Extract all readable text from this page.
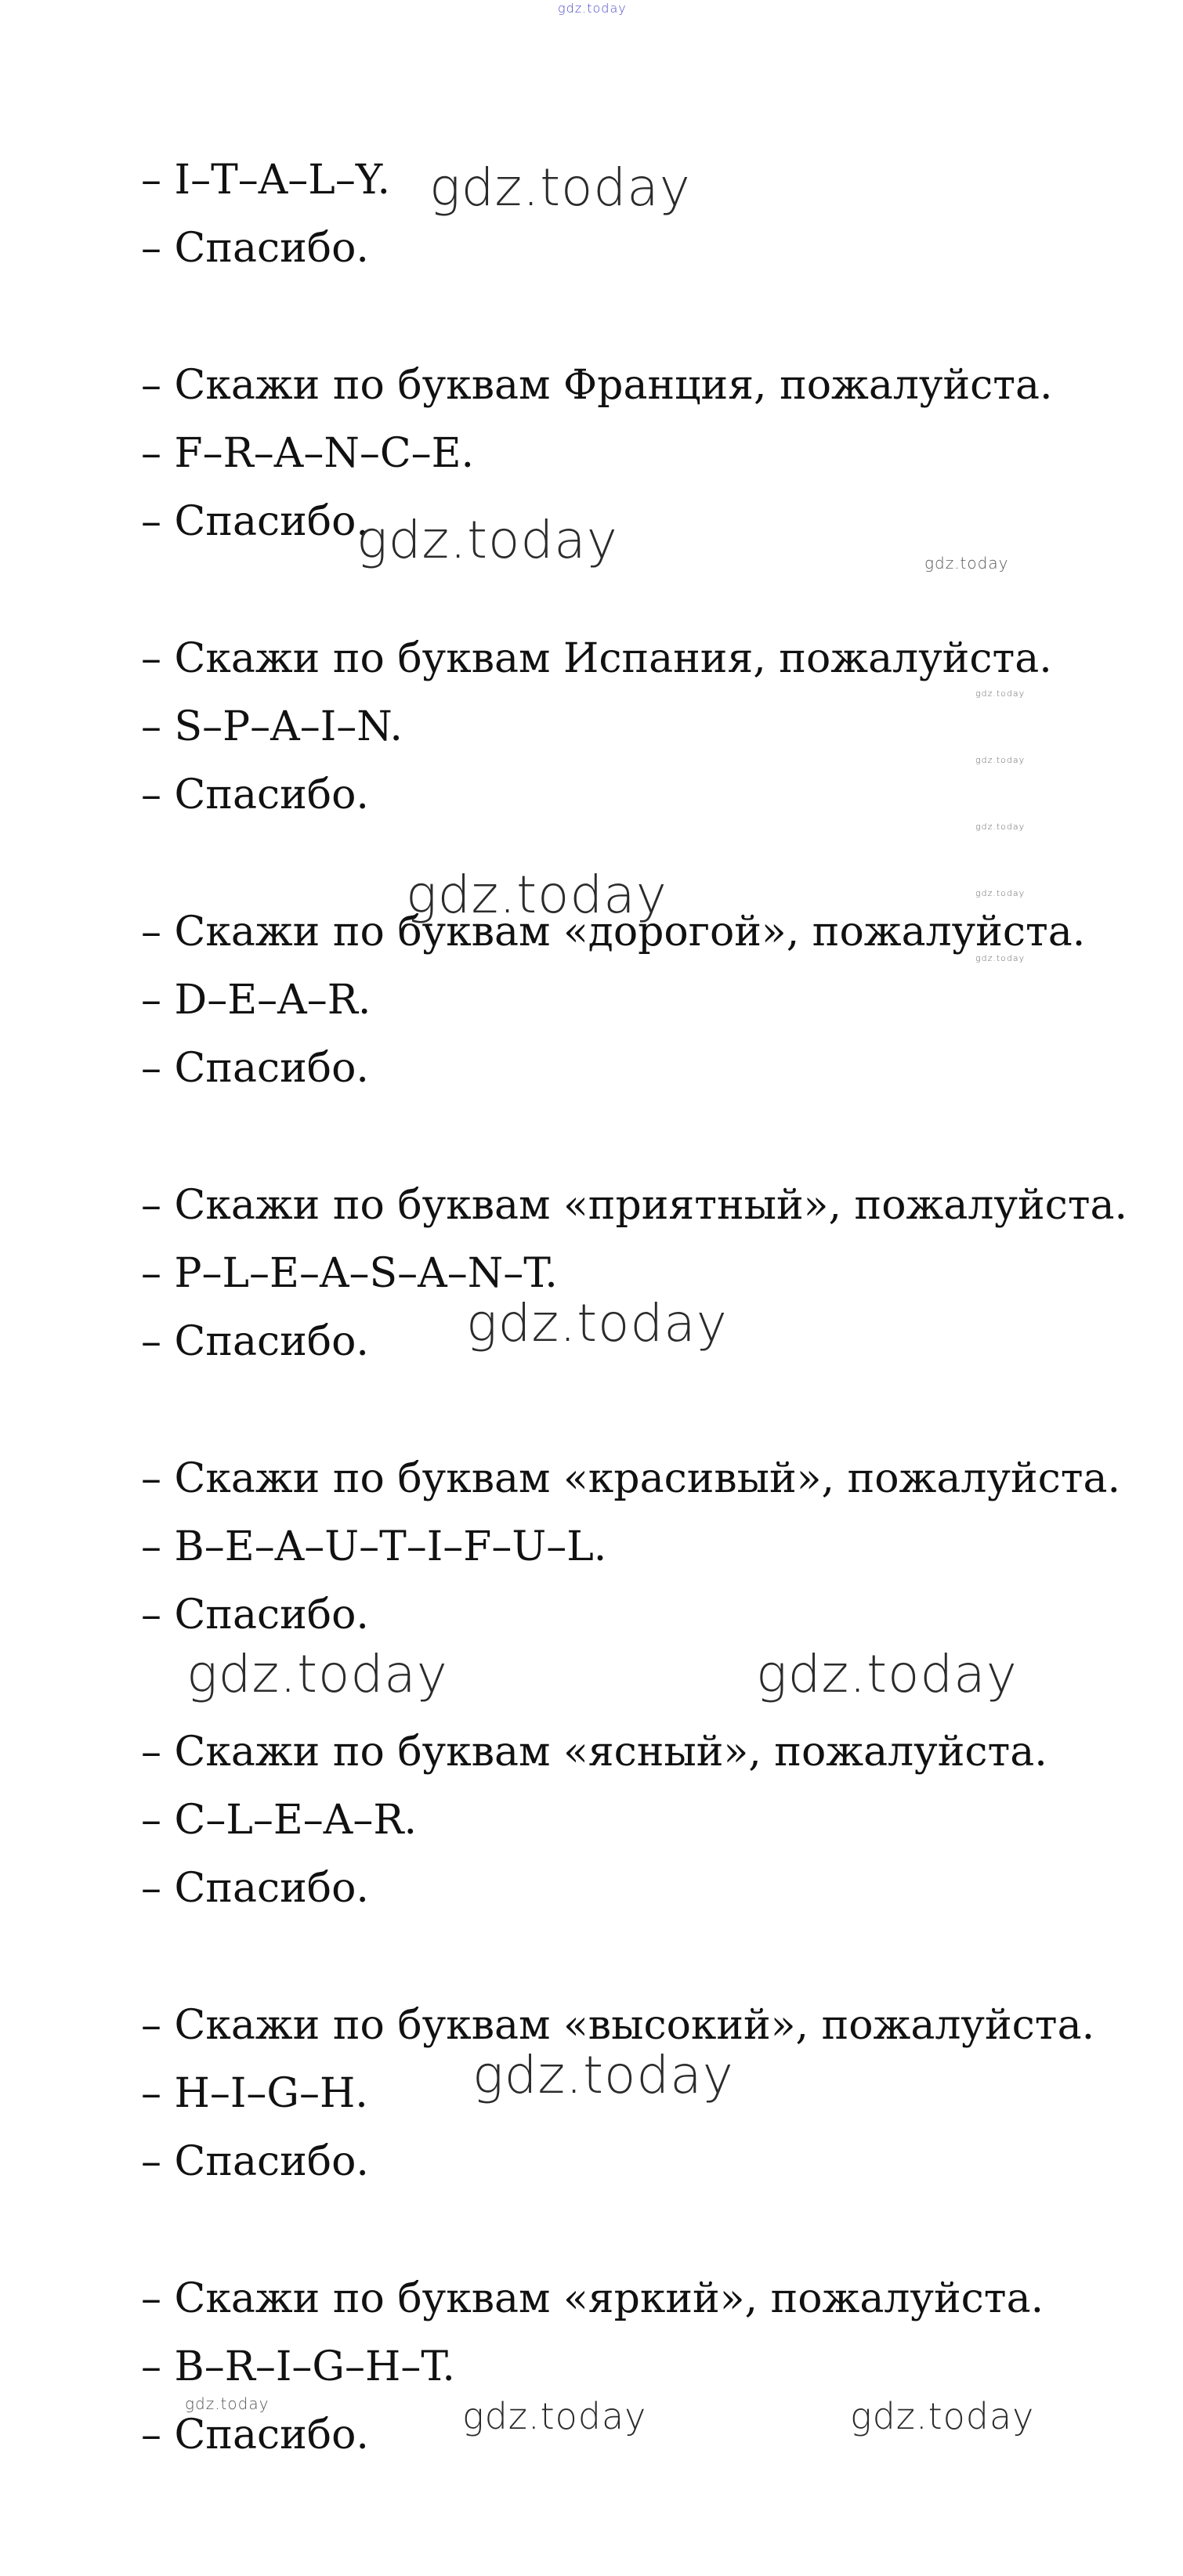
gdz.today

– I–T–A–L–Y.

– Спасибо.

– Скажи по буквам Франция, пожалуйста.

– F–R–A–N–C–E.

– Спасибо.

– Скажи по буквам Испания, пожалуйста.

– S–P–A–I–N.

– Спасибо.

– Скажи по буквам «дорогой», пожалуйста.

– D–E–A–R.

– Спасибо.

– Скажи по буквам «приятный», пожалуйста.

– P–L–E–A–S–A–N–T.

– Спасибо.

– Скажи по буквам «красивый», пожалуйста.

– B–E–A–U–T–I–F–U–L.

– Спасибо.

– Скажи по буквам «ясный», пожалуйста.

– C–L–E–A–R.

– Спасибо.

– Скажи по буквам «высокий», пожалуйста.

– H–I–G–H.

– Спасибо.

– Скажи по буквам «яркий», пожалуйста.

– B–R–I–G–H–T.

– Спасибо.

gdz.today
gdz.today	gdz.today
gdz.today
gdz.today
gdz.today
gdz.today
gdz.today
gdz.today
gdz.today
gdz.today	gdz.today
gdz.today
gdz.today	gdz.today	gdz.today
